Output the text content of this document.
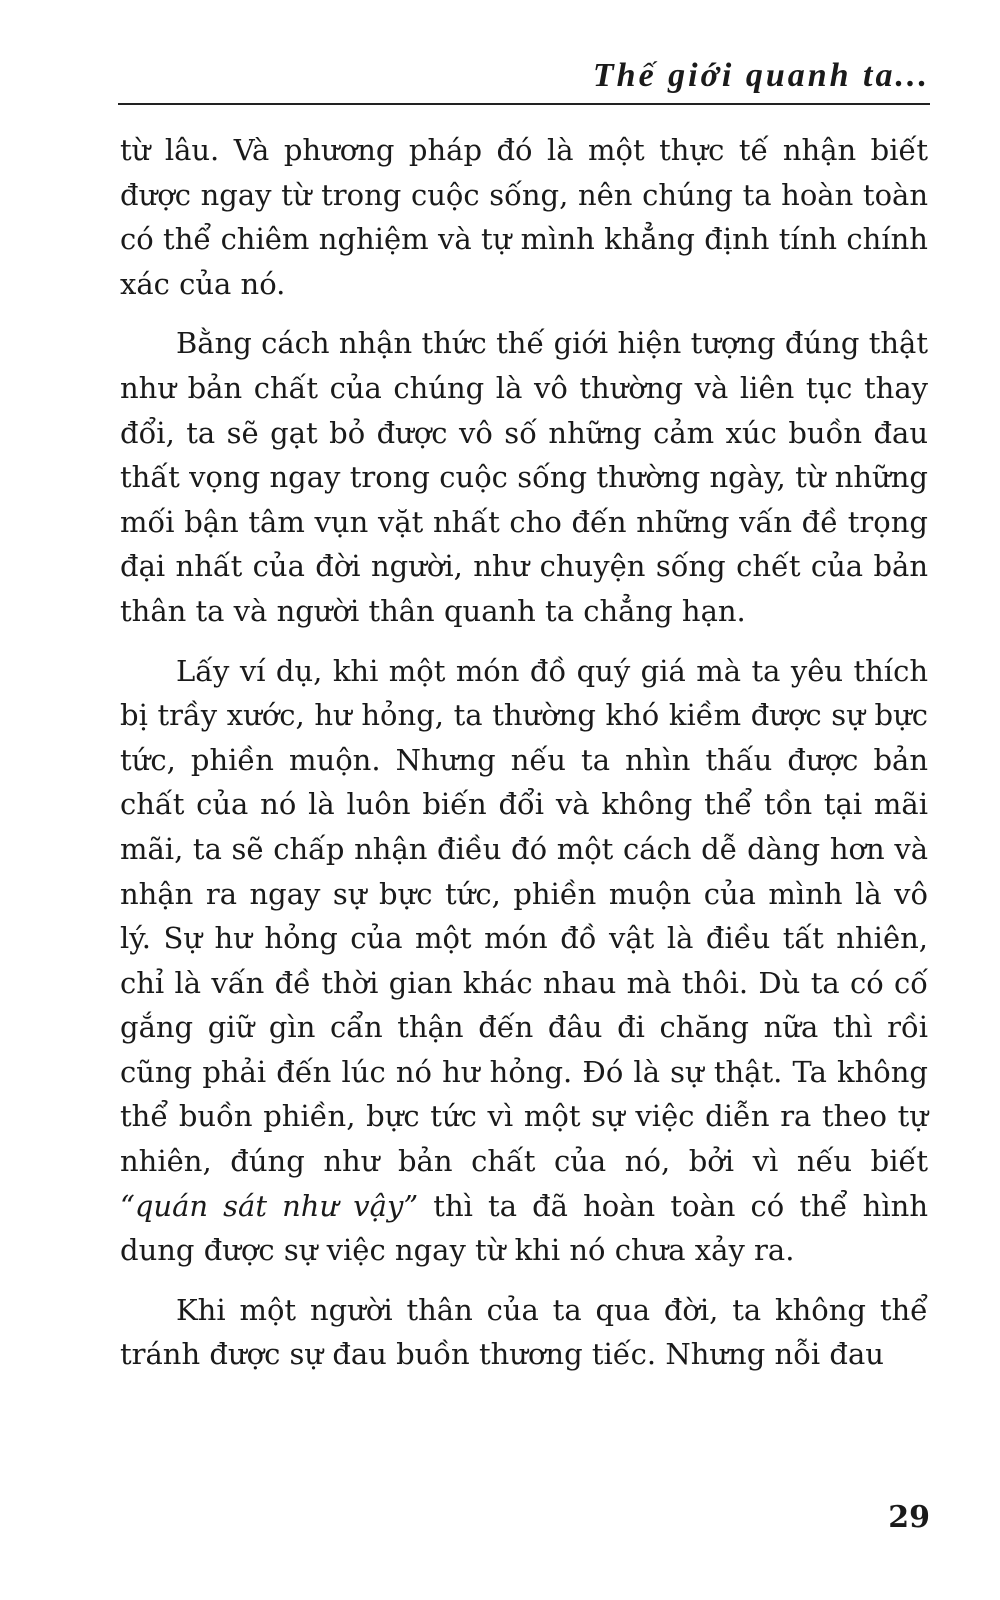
Thế giới quanh ta...

từ lâu. Và phương pháp đó là một thực tế nhận biết được ngay từ trong cuộc sống, nên chúng ta hoàn toàn có thể chiêm nghiệm và tự mình khẳng định tính chính xác của nó.

Bằng cách nhận thức thế giới hiện tượng đúng thật như bản chất của chúng là vô thường và liên tục thay đổi, ta sẽ gạt bỏ được vô số những cảm xúc buồn đau thất vọng ngay trong cuộc sống thường ngày, từ những mối bận tâm vụn vặt nhất cho đến những vấn đề trọng đại nhất của đời người, như chuyện sống chết của bản thân ta và người thân quanh ta chẳng hạn.

Lấy ví dụ, khi một món đồ quý giá mà ta yêu thích bị trầy xước, hư hỏng, ta thường khó kiềm được sự bực tức, phiền muộn. Nhưng nếu ta nhìn thấu được bản chất của nó là luôn biến đổi và không thể tồn tại mãi mãi, ta sẽ chấp nhận điều đó một cách dễ dàng hơn và nhận ra ngay sự bực tức, phiền muộn của mình là vô lý. Sự hư hỏng của một món đồ vật là điều tất nhiên, chỉ là vấn đề thời gian khác nhau mà thôi. Dù ta có cố gắng giữ gìn cẩn thận đến đâu đi chăng nữa thì rồi cũng phải đến lúc nó hư hỏng. Đó là sự thật. Ta không thể buồn phiền, bực tức vì một sự việc diễn ra theo tự nhiên, đúng như bản chất của nó, bởi vì nếu biết “quán sát như vậy” thì ta đã hoàn toàn có thể hình dung được sự việc ngay từ khi nó chưa xảy ra.

Khi một người thân của ta qua đời, ta không thể tránh được sự đau buồn thương tiếc. Nhưng nỗi đau

29
